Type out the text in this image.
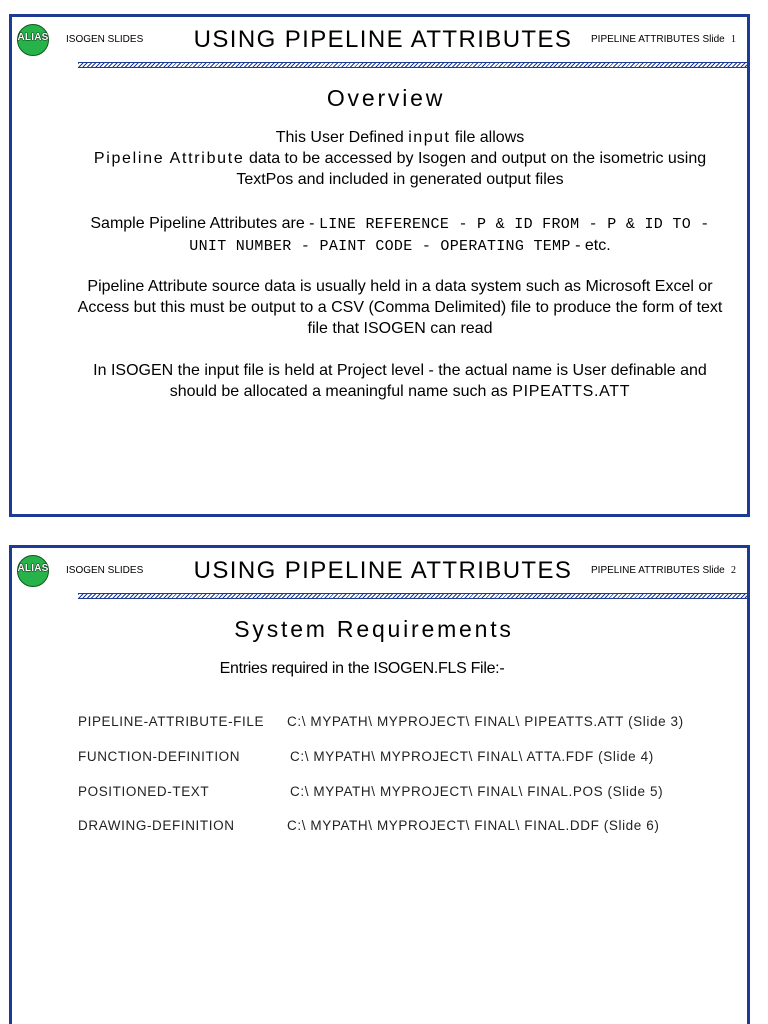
ALIAS ISOGEN SLIDES	USING PIPELINE ATTRIBUTES	PIPELINE ATTRIBUTES Slide 1
Overview
This User Defined input file allows
Pipeline Attribute data to be accessed by Isogen and output on the isometric using
TextPos and included in generated output files
Sample Pipeline Attributes are - LINE REFERENCE - P & ID FROM - P & ID TO -
UNIT NUMBER - PAINT CODE - OPERATING TEMP - etc.
Pipeline Attribute source data is usually held in a data system such as Microsoft Excel or
Access but this must be output to a CSV (Comma Delimited) file to produce the form of text
file that ISOGEN can read
In ISOGEN the input file is held at Project level - the actual name is User definable and
should be allocated a meaningful name such as PIPEATTS.ATT
ALIAS ISOGEN SLIDES	USING PIPELINE ATTRIBUTES	PIPELINE ATTRIBUTES Slide 2
System Requirements
Entries required in the ISOGEN.FLS File:-
PIPELINE-ATTRIBUTE-FILE C:\ MYPATH\ MYPROJECT\ FINAL\ PIPEATTS.ATT (Slide 3)
FUNCTION-DEFINITION	C:\ MYPATH\ MYPROJECT\ FINAL\ ATTA.FDF (Slide 4)
POSITIONED-TEXT	C:\ MYPATH\ MYPROJECT\ FINAL\ FINAL.POS (Slide 5)
DRAWING-DEFINITION	C:\ MYPATH\ MYPROJECT\ FINAL\ FINAL.DDF (Slide 6)
